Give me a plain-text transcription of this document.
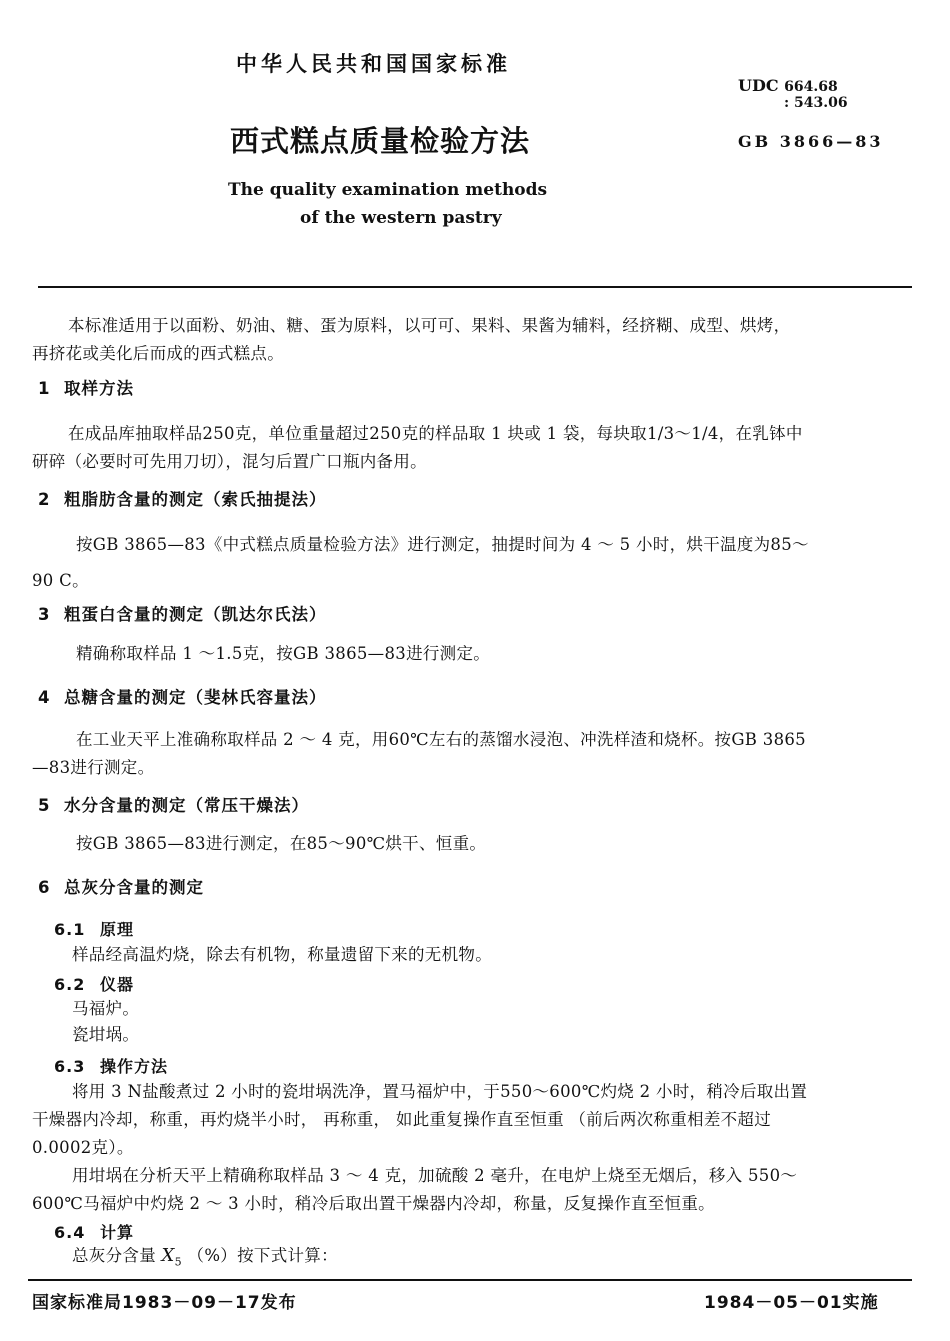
中华人民共和国国家标准
UDC 664.68
: 543.06
西式糕点质量检验方法	GB 3866—83
The quality examination methods
of the western pastry
本标准适用于以面粉、奶油、糖、蛋为原料，以可可、果料、果酱为辅料，经挤糊、成型、烘烤，
再挤花或美化后而成的西式糕点。
1 取样方法
在成品库抽取样品250克，单位重量超过250克的样品取 1 块或 1 袋，每块取1/3～1/4，在乳钵中
研碎（必要时可先用刀切），混匀后置广口瓶内备用。
2 粗脂肪含量的测定（索氏抽提法）
按GB 3865—83《中式糕点质量检验方法》进行测定，抽提时间为 4 ～ 5 小时，烘干温度为85～
90 C。
3 粗蛋白含量的测定（凯达尔氏法）
精确称取样品 1 ～1.5克，按GB 3865—83进行测定。
4 总糖含量的测定（斐林氏容量法）
在工业天平上准确称取样品 2 ～ 4 克，用60℃左右的蒸馏水浸泡、冲洗样渣和烧杯。按GB 3865
—83进行测定。
5 水分含量的测定（常压干燥法）
按GB 3865—83进行测定，在85～90℃烘干、恒重。
6 总灰分含量的测定
6.1 原理
样品经高温灼烧，除去有机物，称量遗留下来的无机物。
6.2 仪器
马福炉。
瓷坩埚。
6.3 操作方法
将用 3 N盐酸煮过 2 小时的瓷坩埚洗净，置马福炉中，于550～600℃灼烧 2 小时，稍冷后取出置
干燥器内冷却，称重，再灼烧半小时， 再称重， 如此重复操作直至恒重 （前后两次称重相差不超过
0.0002克）。
用坩埚在分析天平上精确称取样品 3 ～ 4 克，加硫酸 2 毫升，在电炉上烧至无烟后，移入 550～
600℃马福炉中灼烧 2 ～ 3 小时，稍冷后取出置干燥器内冷却，称量，反复操作直至恒重。
6.4 计算
总灰分含量 $X_5$ （%）按下式计算：
国家标准局1983－09－17发布	1984－05－01实施
